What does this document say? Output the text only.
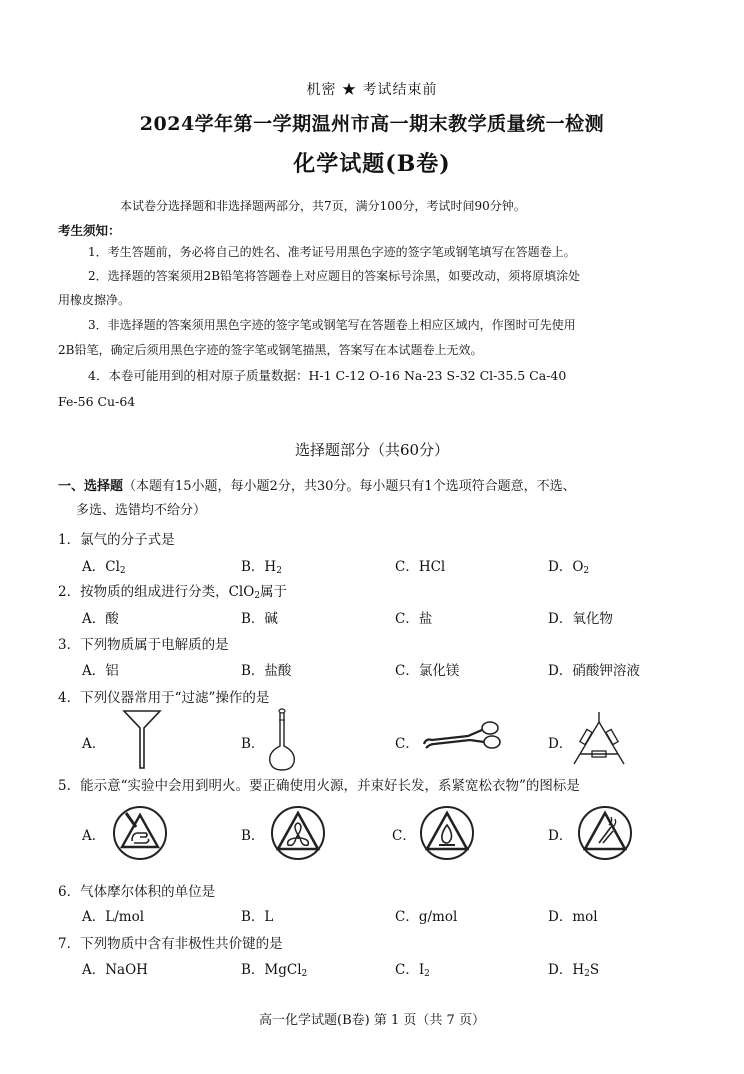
机密 ★ 考试结束前
2024学年第一学期温州市高一期末教学质量统一检测
化学试题(B卷)
本试卷分选择题和非选择题两部分，共7页，满分100分，考试时间90分钟。
考生须知：
1．考生答题前，务必将自己的姓名、准考证号用黑色字迹的签字笔或钢笔填写在答题卷上。
2．选择题的答案须用2B铅笔将答题卷上对应题目的答案标号涂黑，如要改动，须将原填涂处
用橡皮擦净。
3．非选择题的答案须用黑色字迹的签字笔或钢笔写在答题卷上相应区域内，作图时可先使用
2B铅笔，确定后须用黑色字迹的签字笔或钢笔描黑，答案写在本试题卷上无效。
4．本卷可能用到的相对原子质量数据：H-1 C-12 O-16 Na-23 S-32 Cl-35.5 Ca-40
Fe-56 Cu-64
选择题部分（共60分）
一、选择题（本题有15小题，每小题2分，共30分。每小题只有1个选项符合题意，不选、
多选、选错均不给分）
1．氯气的分子式是
A．$Cl_2$	B．$H_2$	C．HCl	D．$O_2$
2．按物质的组成进行分类，ClO$_2$属于
A．酸	B．碱	C．盐	D．氧化物
3．下列物质属于电解质的是
A．铝	B．盐酸	C．氯化镁	D．硝酸钾溶液
4．下列仪器常用于“过滤”操作的是
A．	B．	C．	D．
5．能示意“实验中会用到明火。要正确使用火源，并束好长发，系紧宽松衣物”的图标是
A．	B．	C．	D．
6．气体摩尔体积的单位是
A．L/mol	B．L	C．g/mol	D．mol
7．下列物质中含有非极性共价键的是
A．NaOH	B．MgCl$_2$	C．$I_2$	D．$H_2S$
高一化学试题(B卷) 第 1 页（共 7 页）
